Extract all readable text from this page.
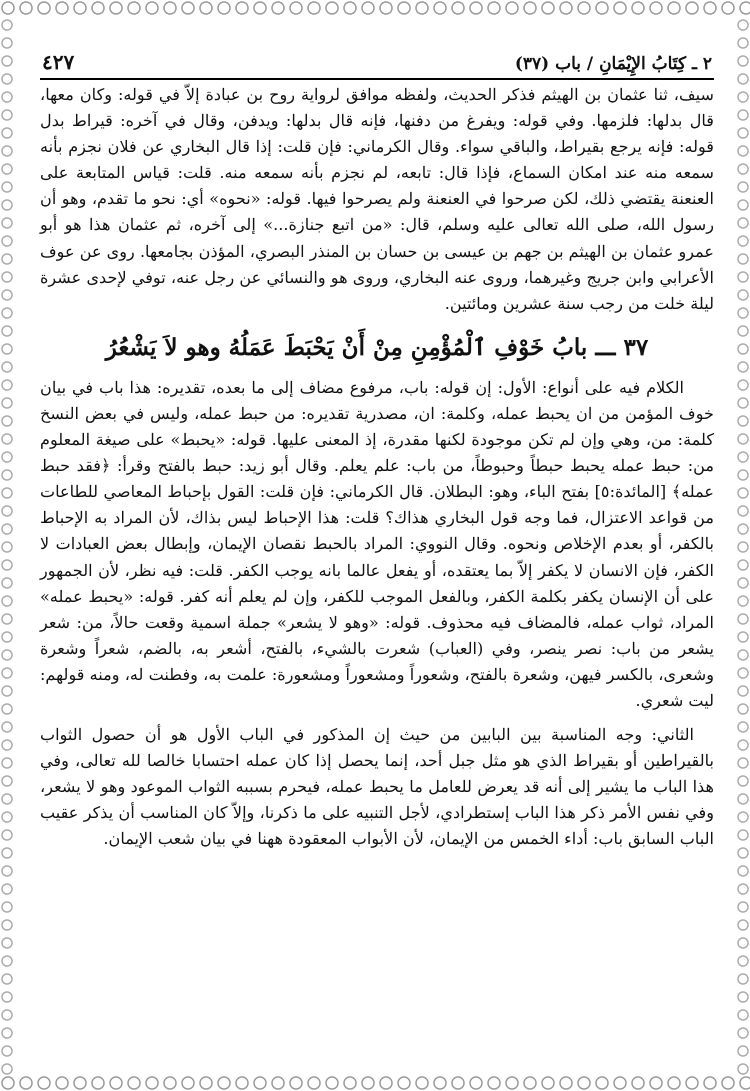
٢ ـ كِتَابُ الإِيْمَانِ / باب (٣٧)
٤٢٧

سيف، ثنا عثمان بن الهيثم فذكر الحديث، ولفظه موافق لرواية روح بن عبادة إلاّ في قوله: وكان معها، قال بدلها: فلزمها. وفي قوله: ويفرغ من دفنها، فإنه قال بدلها: ويدفن، وقال في آخره: قيراط بدل قوله: فإنه يرجع بقيراط، والباقي سواء. وقال الكرماني: فإن قلت: إذا قال البخاري عن فلان نجزم بأنه سمعه منه عند امكان السماع، فإذا قال: تابعه، لم نجزم بأنه سمعه منه. قلت: قياس المتابعة على العنعنة يقتضي ذلك، لكن صرحوا في العنعنة ولم يصرحوا فيها. قوله: «نحوه» أي: نحو ما تقدم، وهو أن رسول الله، صلى الله تعالى عليه وسلم، قال: «من اتبع جنازة...» إلى آخره، ثم عثمان هذا هو أبو عمرو عثمان بن الهيثم بن جهم بن عيسى بن حسان بن المنذر البصري، المؤذن بجامعها. روى عن عوف الأعرابي وابن جريج وغيرهما، وروى عنه البخاري، وروى هو والنسائي عن رجل عنه، توفي لإحدى عشرة ليلة خلت من رجب سنة عشرين ومائتين.

٣٧ ـــ بابُ خَوْفِ ٱلْمُؤْمِنِ مِنْ أَنْ يَحْبَطَ عَمَلُهُ وهو لاَ يَشْعُرُ

الكلام فيه على أنواع: الأول: إن قوله: باب، مرفوع مضاف إلى ما بعده، تقديره: هذا باب في بيان خوف المؤمن من ان يحبط عمله، وكلمة: ان، مصدرية تقديره: من حبط عمله، وليس في بعض النسخ كلمة: من، وهي وإن لم تكن موجودة لكنها مقدرة، إذ المعنى عليها. قوله: «يحبط» على صيغة المعلوم من: حبط عمله يحبط حبطاً وحبوطاً، من باب: علم يعلم. وقال أبو زيد: حبط بالفتح وقرأ: ﴿فقد حبط عمله﴾ [المائدة:٥] بفتح الباء، وهو: البطلان. قال الكرماني: فإن قلت: القول بإحباط المعاصي للطاعات من قواعد الاعتزال، فما وجه قول البخاري هذاك؟ قلت: هذا الإحباط ليس بذاك، لأن المراد به الإحباط بالكفر، أو بعدم الإخلاص ونحوه. وقال النووي: المراد بالحبط نقصان الإيمان، وإبطال بعض العبادات لا الكفر، فإن الانسان لا يكفر إلاّ بما يعتقده، أو يفعل عالما بانه يوجب الكفر. قلت: فيه نظر، لأن الجمهور على أن الإنسان يكفر بكلمة الكفر، وبالفعل الموجب للكفر، وإن لم يعلم أنه كفر. قوله: «يحبط عمله» المراد، ثواب عمله، فالمضاف فيه محذوف. قوله: «وهو لا يشعر» جملة اسمية وقعت حالاً، من: شعر يشعر من باب: نصر ينصر، وفي (العباب) شعرت بالشيء، بالفتح، أشعر به، بالضم، شعراً وشعرة وشعرى، بالكسر فيهن، وشعرة بالفتح، وشعوراً ومشعوراً ومشعورة: علمت به، وفطنت له، ومنه قولهم: ليت شعري.

الثاني: وجه المناسبة بين البابين من حيث إن المذكور في الباب الأول هو أن حصول الثواب بالقيراطين أو بقيراط الذي هو مثل جبل أحد، إنما يحصل إذا كان عمله احتسابا خالصا لله تعالى، وفي هذا الباب ما يشير إلى أنه قد يعرض للعامل ما يحبط عمله، فيحرم بسببه الثواب الموعود وهو لا يشعر، وفي نفس الأمر ذكر هذا الباب إستطرادي، لأجل التنبيه على ما ذكرنا، وإلاّ كان المناسب أن يذكر عقيب الباب السابق باب: أداء الخمس من الإيمان، لأن الأبواب المعقودة ههنا في بيان شعب الإيمان.
